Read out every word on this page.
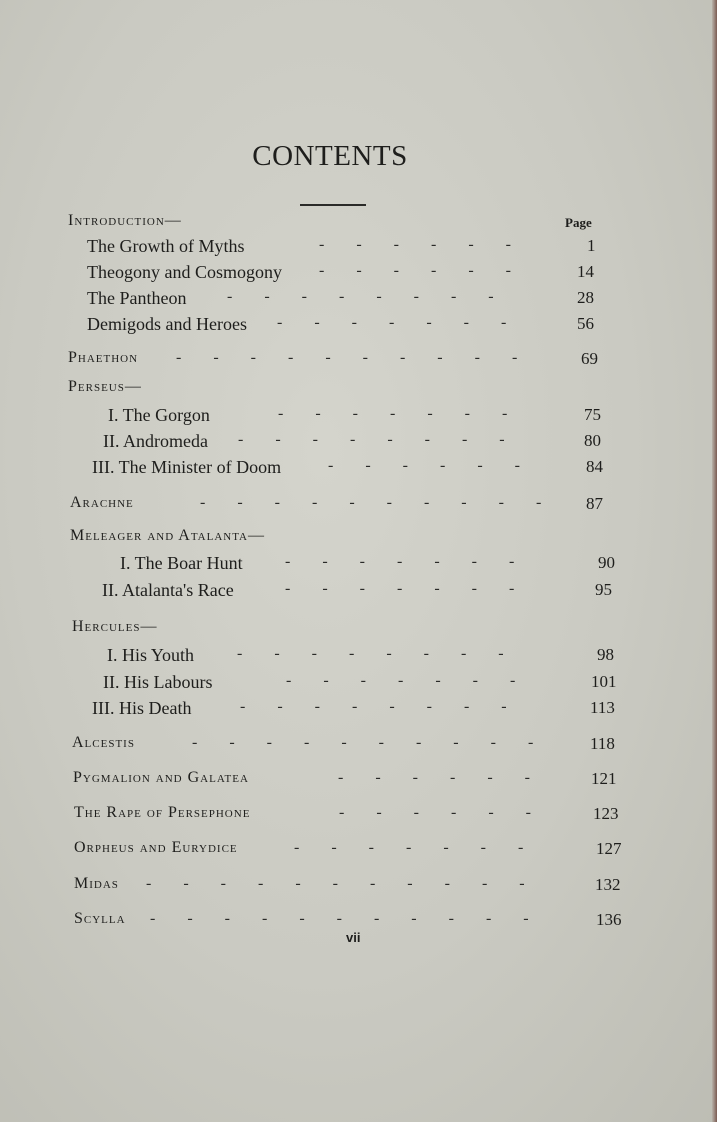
CONTENTS
Page
Introduction—
The Growth of Myths	- - - - - -	1
Theogony and Cosmogony - - - - - -	14
The Pantheon	- - - - - - - -	28
Demigods and Heroes - - - - - - -	56
Phaethon - - - - - - - - - -	69
Perseus—
I. The Gorgon	- - - - - - -	75
II. Andromeda - - - - - - - -	80
III. The Minister of Doom	- - - - - -	84
Arachne	- - - - - - - - - - 87
Meleager and Atalanta—
I. The Boar Hunt	- - - - - - -	90
II. Atalanta's Race	- - - - - - -	95
Hercules—
I. His Youth	- - - - - - - -	98
II. His Labours	- - - - - - -	101
III. His Death	- - - - - - - -	113
Alcestis	- - - - - - - - - -	118
Pygmalion and Galatea	- - - - - -	121
The Rape of Persephone	- - - - - -	123
Orpheus and Eurydice	- - - - - - -	127
Midas - - - - - - - - - - -	132
Scylla - - - - - - - - - - -	136
vii
